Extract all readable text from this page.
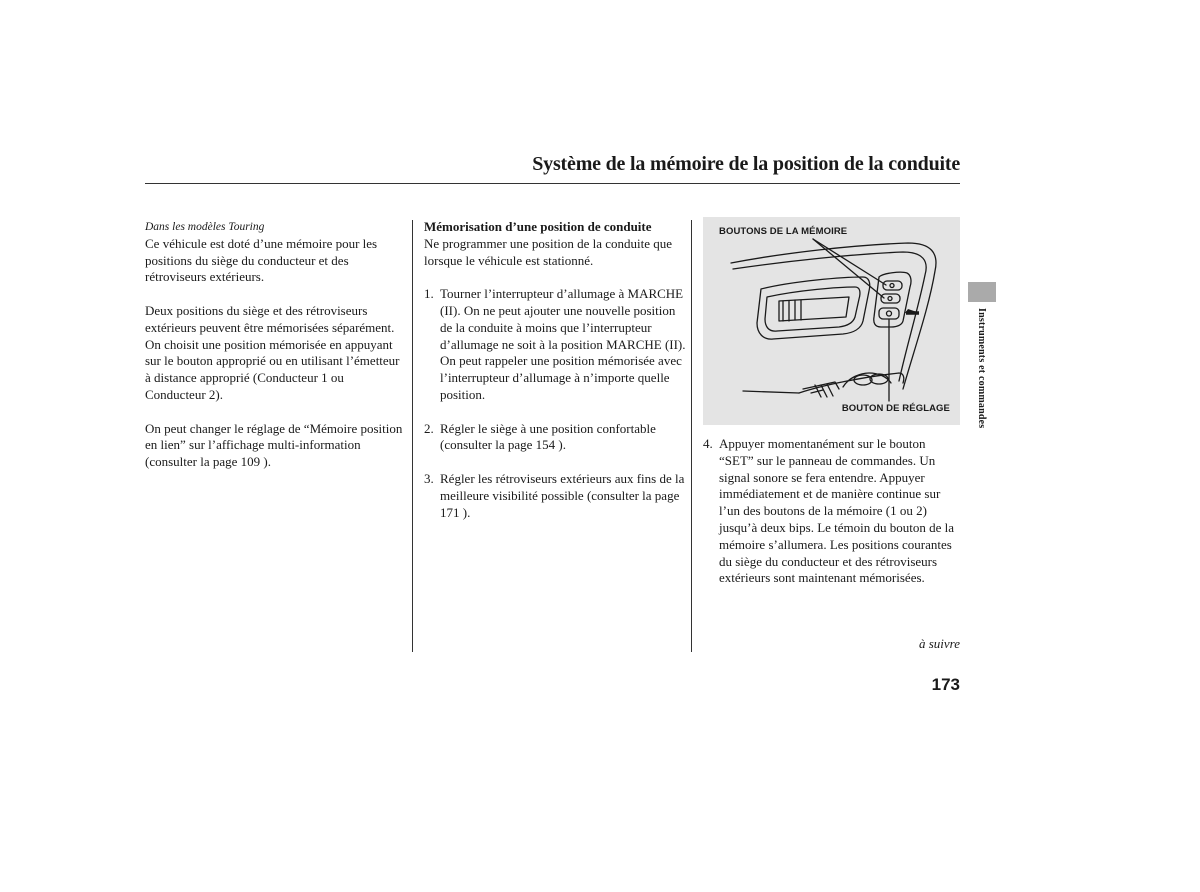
Système de la mémoire de la position de la conduite

Dans les modèles Touring

Ce véhicule est doté d’une mémoire pour les positions du siège du conducteur et des rétroviseurs extérieurs.

Deux positions du siège et des rétroviseurs extérieurs peuvent être mémorisées séparément. On choisit une position mémorisée en appuyant sur le bouton approprié ou en utilisant l’émetteur à distance approprié (Conducteur 1 ou Conducteur 2).

On peut changer le réglage de “Mémoire position en lien” sur l’affichage multi-information (consulter la page 109 ).

Mémorisation d’une position de conduite

Ne programmer une position de la conduite que lorsque le véhicule est stationné.

1. Tourner l’interrupteur d’allumage à MARCHE (II). On ne peut ajouter une nouvelle position de la conduite à moins que l’interrupteur d’allumage ne soit à la position MARCHE (II). On peut rappeler une position mémorisée avec l’interrupteur d’allumage à n’importe quelle position.
2. Régler le siège à une position confortable (consulter la page 154 ).
3. Régler les rétroviseurs extérieurs aux fins de la meilleure visibilité possible (consulter la page 171 ).
BOUTONS DE LA MÉMOIRE
BOUTON DE RÉGLAGE
4. Appuyer momentanément sur le bouton “SET” sur le panneau de commandes. Un signal sonore se fera entendre. Appuyer immédiatement et de manière continue sur l’un des boutons de la mémoire (1 ou 2) jusqu’à deux bips. Le témoin du bouton de la mémoire s’allumera. Les positions courantes du siège du conducteur et des rétroviseurs extérieurs sont maintenant mémorisées.
à suivre
173
Instruments et commandes
